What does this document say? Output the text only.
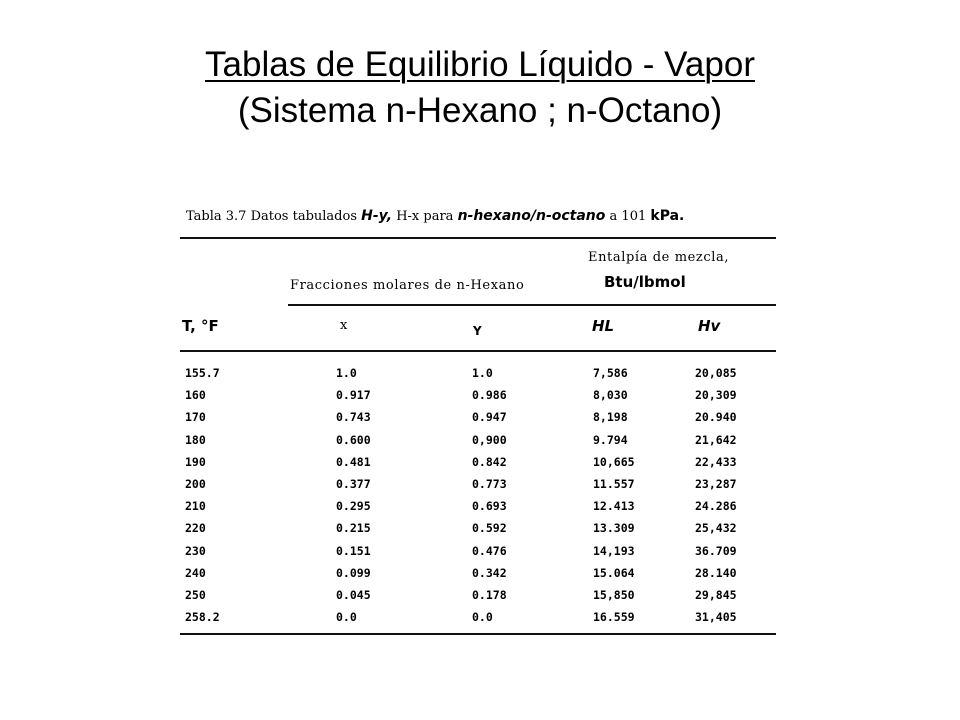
Tablas de Equilibrio Líquido - Vapor
(Sistema n-Hexano ; n-Octano)
Tabla 3.7 Datos tabulados H-y, H-x para n-hexano/n-octano a 101 kPa.
Entalpía de mezcla,
Btu/lbmol
Fracciones molares de n-Hexano
T, °F	x	Y	HL	Hv
155.7	1.0	1.0	7,586	20,085
160	0.917	0.986	8,030	20,309
170	0.743	0.947	8,198	20.940
180	0.600	0,900	9.794	21,642
190	0.481	0.842	10,665	22,433
200	0.377	0.773	11.557	23,287
210	0.295	0.693	12.413	24.286
220	0.215	0.592	13.309	25,432
230	0.151	0.476	14,193	36.709
240	0.099	0.342	15.064	28.140
250	0.045	0.178	15,850	29,845
258.2	0.0	0.0	16.559	31,405
